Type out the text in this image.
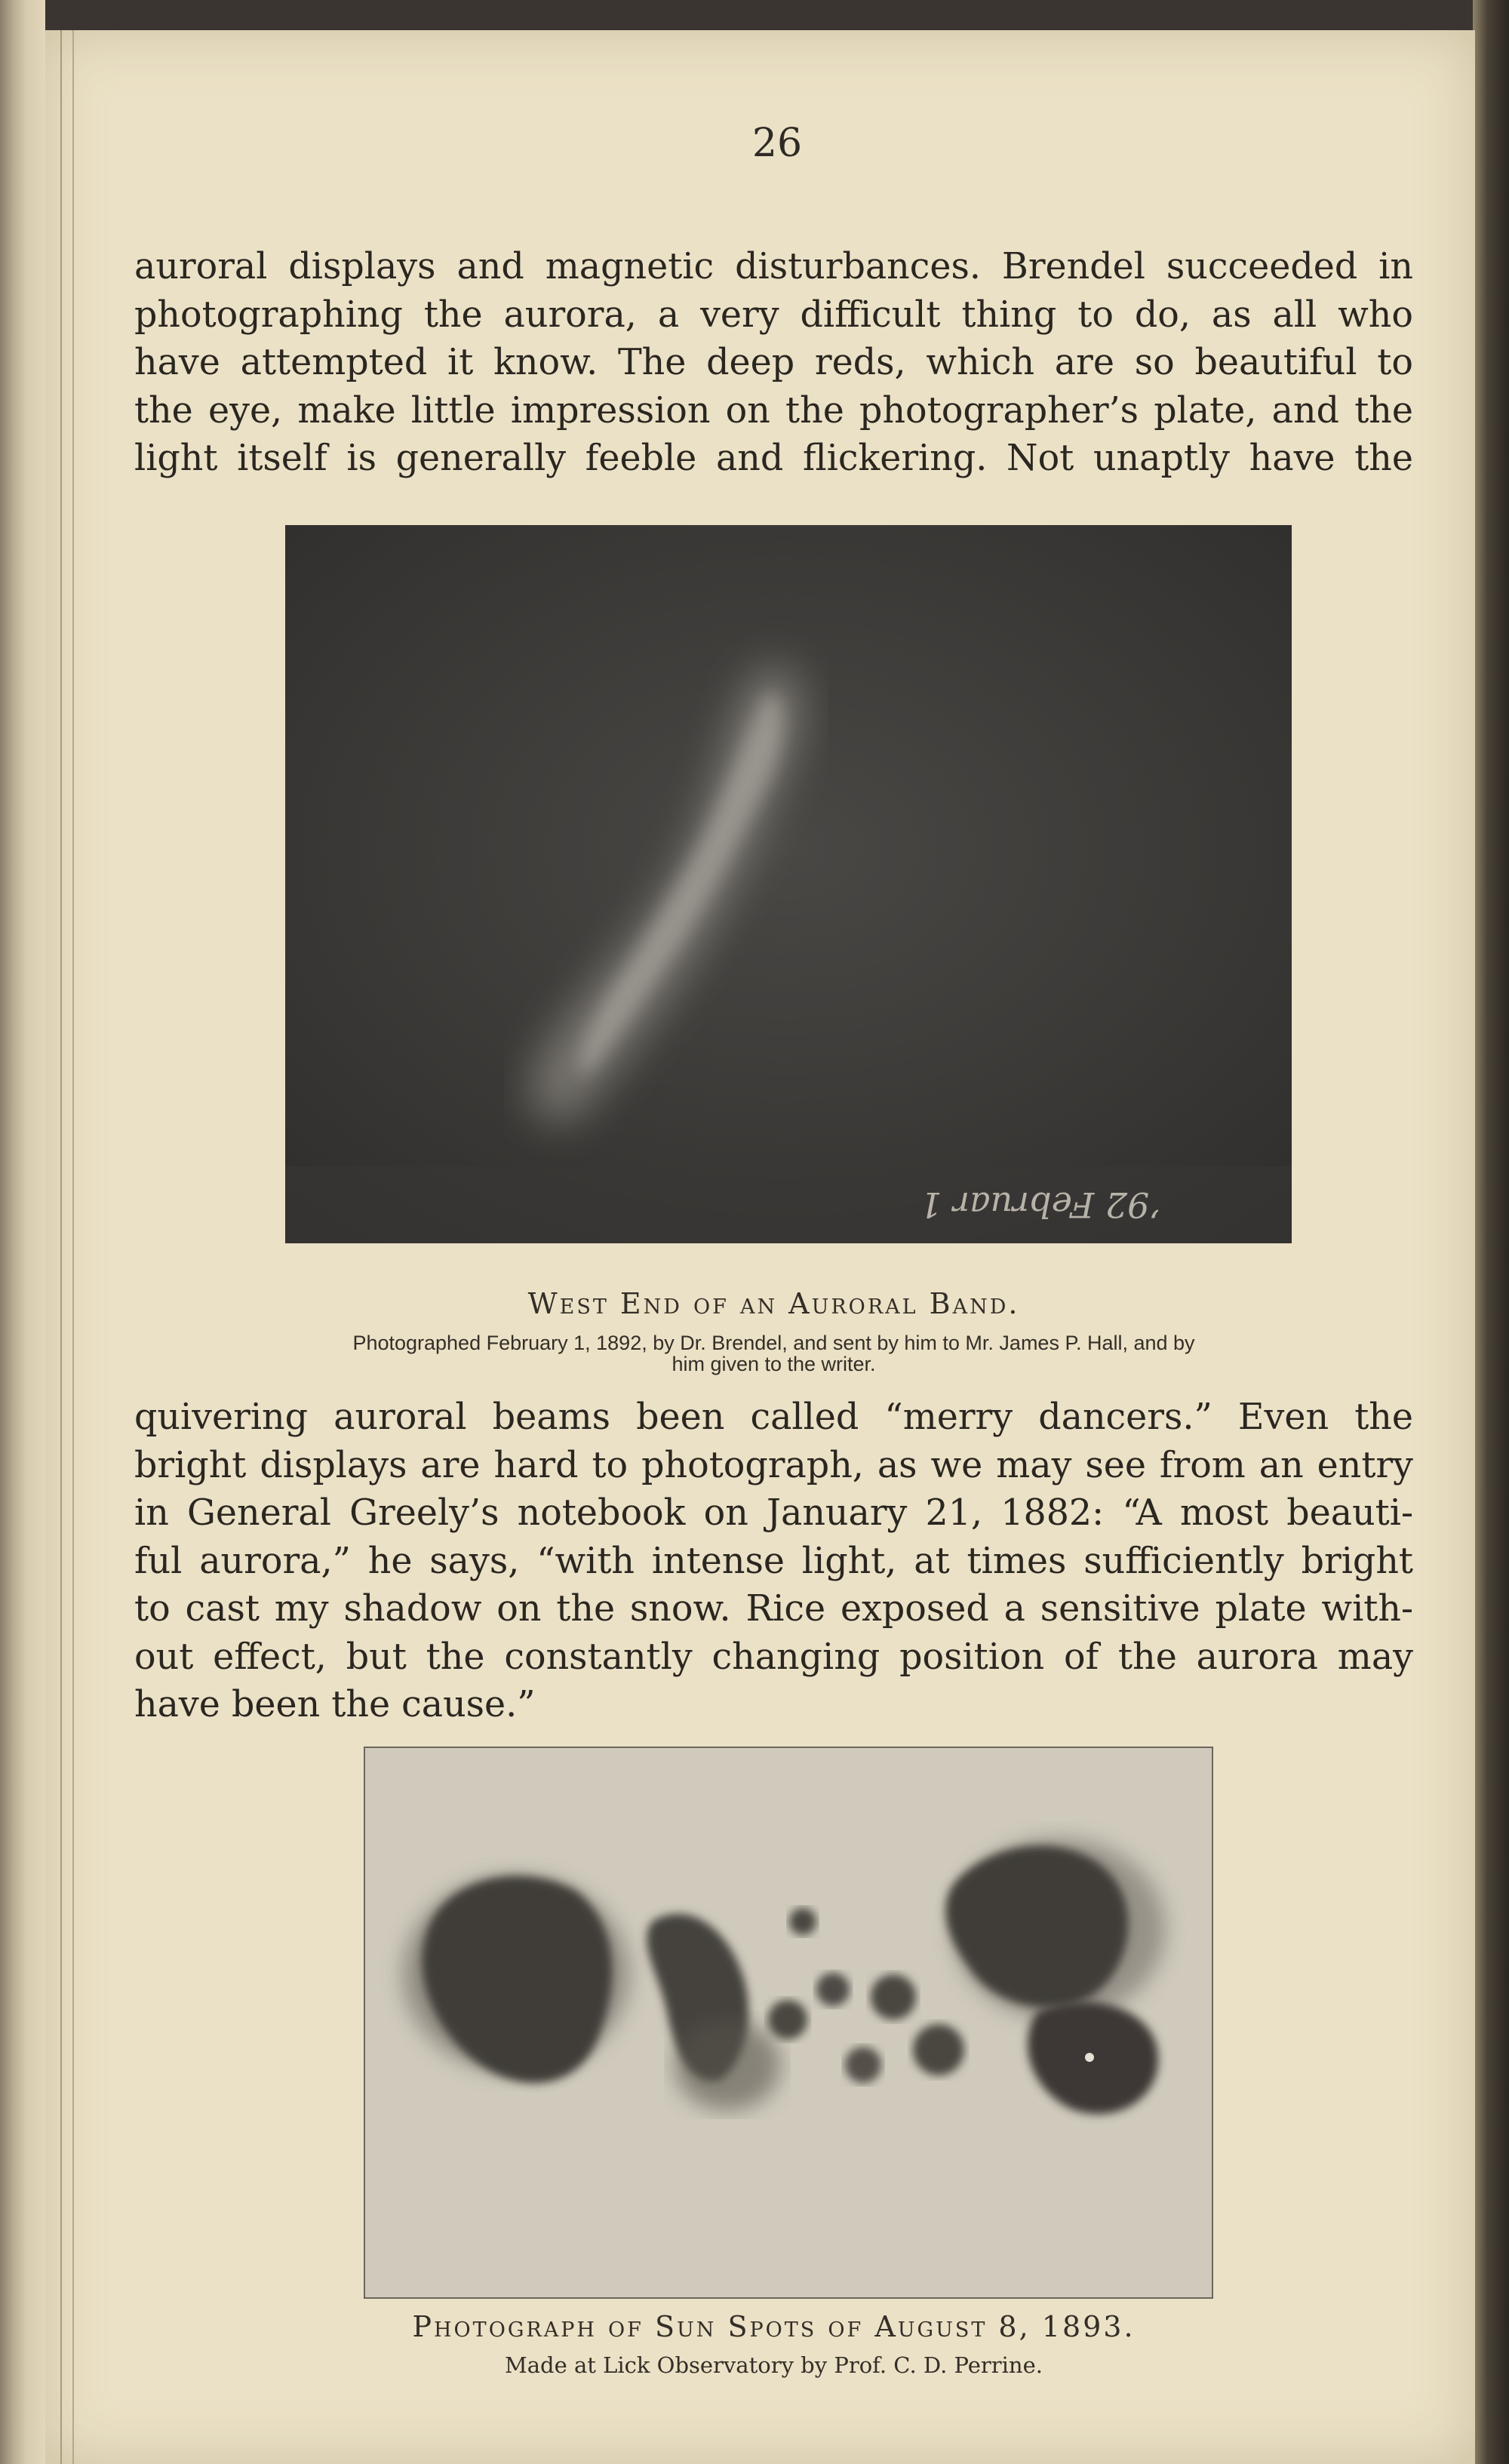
26
auroral displays and magnetic disturbances. Brendel succeeded in
photographing the aurora, a very difficult thing to do, as all who
have attempted it know. The deep reds, which are so beautiful to
the eye, make little impression on the photographer’s plate, and the
light itself is generally feeble and flickering. Not unaptly have the
’92 Februar 1
West End of an Auroral Band.
Photographed February 1, 1892, by Dr. Brendel, and sent by him to Mr. James P. Hall, and by
him given to the writer.
quivering auroral beams been called “merry dancers.” Even the
bright displays are hard to photograph, as we may see from an entry
in General Greely’s notebook on January 21, 1882: “A most beauti-
ful aurora,” he says, “with intense light, at times sufficiently bright
to cast my shadow on the snow. Rice exposed a sensitive plate with-
out effect, but the constantly changing position of the aurora may
have been the cause.”
Photograph of Sun Spots of August 8, 1893.
Made at Lick Observatory by Prof. C. D. Perrine.
